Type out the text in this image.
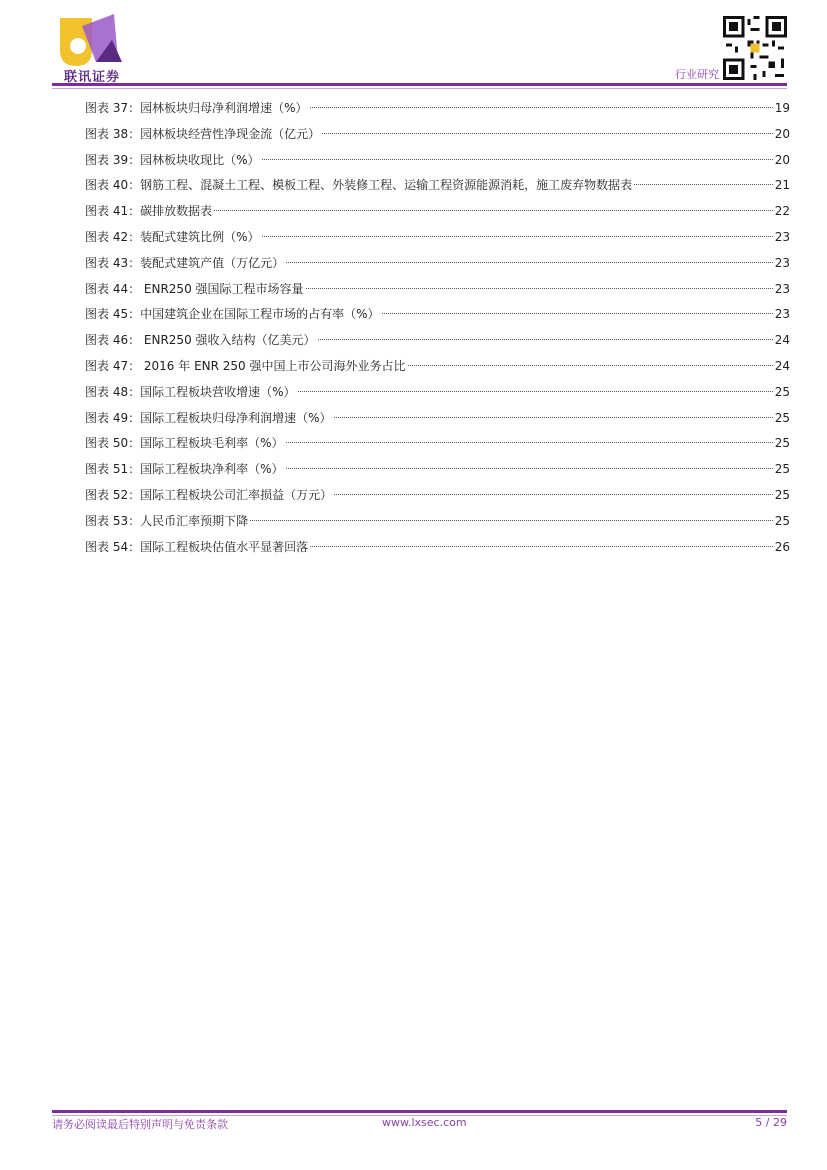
联讯证券	行业研究
图表 37：园林板块归母净利润增速（%）	19
图表 38：园林板块经营性净现金流（亿元）	20
图表 39：园林板块收现比（%）	20
图表 40：钢筋工程、混凝土工程、模板工程、外装修工程、运输工程资源能源消耗，施工废弃物数据表	21
图表 41：碳排放数据表	22
图表 42：装配式建筑比例（%）	23
图表 43：装配式建筑产值（万亿元）	23
图表 44： ENR250 强国际工程市场容量	23
图表 45：中国建筑企业在国际工程市场的占有率（%）	23
图表 46： ENR250 强收入结构（亿美元）	24
图表 47： 2016 年 ENR 250 强中国上市公司海外业务占比	24
图表 48：国际工程板块营收增速（%）	25
图表 49：国际工程板块归母净利润增速（%）	25
图表 50：国际工程板块毛利率（%）	25
图表 51：国际工程板块净利率（%）	25
图表 52：国际工程板块公司汇率损益（万元）	25
图表 53：人民币汇率预期下降	25
图表 54：国际工程板块估值水平显著回落	26
请务必阅读最后特别声明与免责条款	www.lxsec.com	5 / 29
